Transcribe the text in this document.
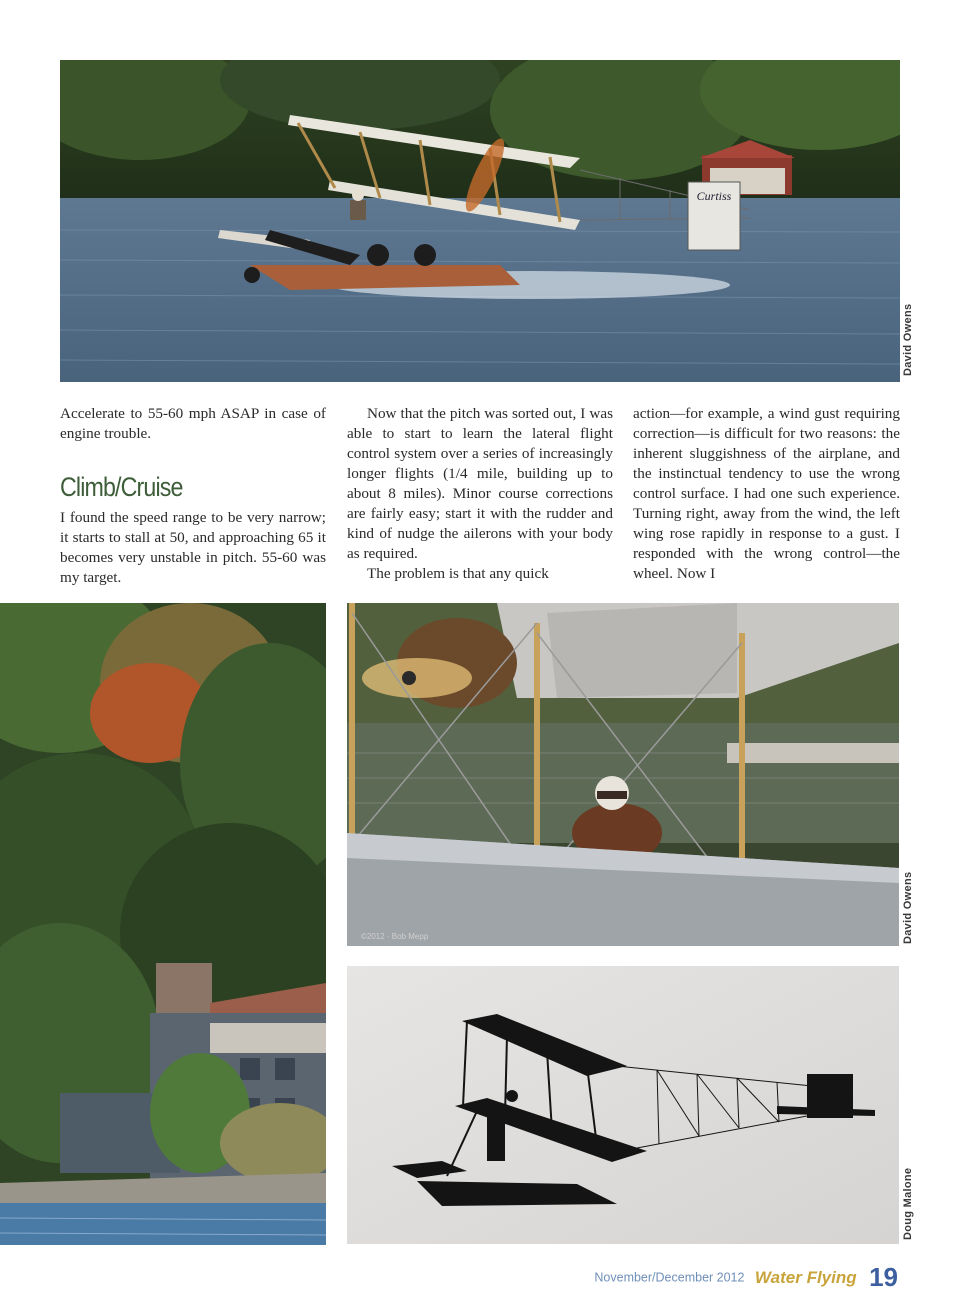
Curtiss
David Owens

Accelerate to 55-60 mph ASAP in case of engine trouble.

Climb/Cruise

I found the speed range to be very narrow; it starts to stall at 50, and approaching 65 it becomes very unstable in pitch. 55-60 was my target.

Now that the pitch was sorted out, I was able to start to learn the lateral flight control system over a series of increasingly longer flights (1/4 mile, building up to about 8 miles). Minor course corrections are fairly easy; start it with the rudder and kind of nudge the ailerons with your body as required.

The problem is that any quick

action—for example, a wind gust requiring correction—is difficult for two reasons: the inherent sluggishness of the airplane, and the instinctual tendency to use the wrong control surface. I had one such experience. Turning right, away from the wind, the left wing rose rapidly in response to a gust. I responded with the wrong control—the wheel. Now I

©2012 · Bob Mepp	David Owens
Doug Malone
November/December 2012 Water Flying 19
